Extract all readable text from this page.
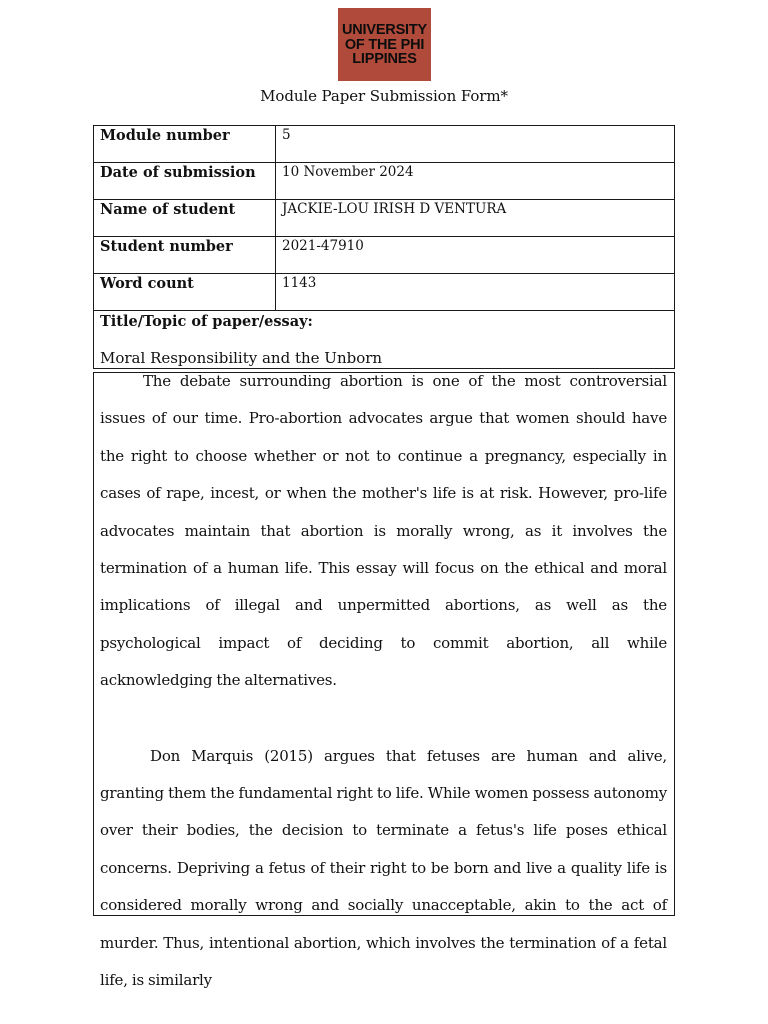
UNIVERSITY OF THE PHILIPPINES
Module Paper Submission Form*
Module number	5
Date of submission	10 November 2024
Name of student	JACKIE-LOU IRISH D VENTURA
Student number	2021-47910
Word count	1143

Title/Topic of paper/essay:
Moral Responsibility and the Unborn	

The debate surrounding abortion is one of the most controversial issues of our time. Pro-abortion advocates argue that women should have the right to choose whether or not to continue a pregnancy, especially in cases of rape, incest, or when the mother's life is at risk. However, pro-life advocates maintain that abortion is morally wrong, as it involves the termination of a human life. This essay will focus on the ethical and moral implications of illegal and unpermitted abortions, as well as the psychological impact of deciding to commit abortion, all while acknowledging the alternatives.

Don Marquis (2015) argues that fetuses are human and alive, granting them the fundamental right to life. While women possess autonomy over their bodies, the decision to terminate a fetus's life poses ethical concerns. Depriving a fetus of their right to be born and live a quality life is considered morally wrong and socially unacceptable, akin to the act of murder. Thus, intentional abortion, which involves the termination of a fetal life, is similarly
